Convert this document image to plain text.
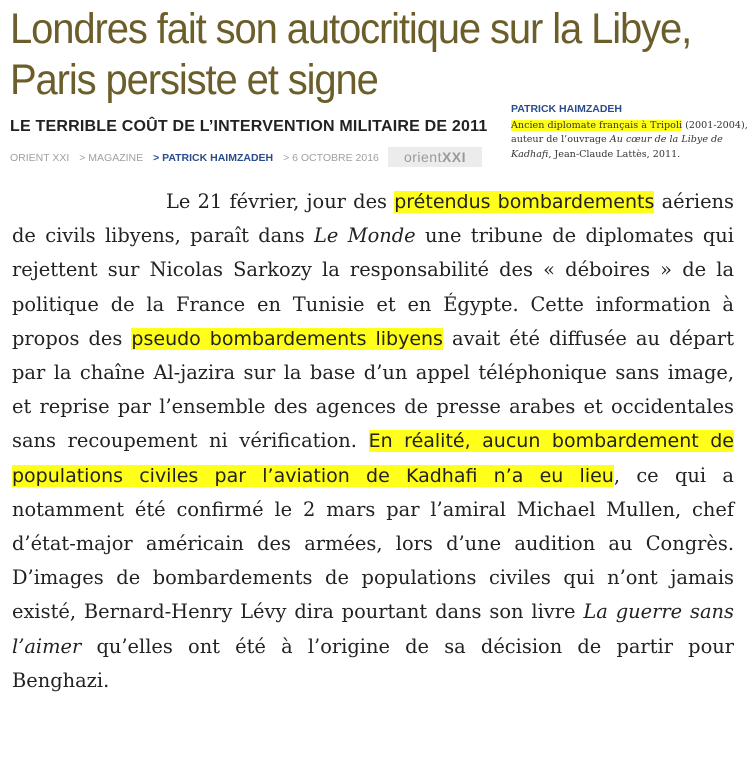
Londres fait son autocritique sur la Libye, Paris persiste et signe
LE TERRIBLE COÛT DE L’INTERVENTION MILITAIRE DE 2011
ORIENT XXI > MAGAZINE > PATRICK HAIMZADEH > 6 OCTOBRE 2016	orientXXI
PATRICK HAIMZADEH
Ancien diplomate français à Tripoli (2001-2004), auteur de l’ouvrage Au cœur de la Libye de Kadhafi, Jean-Claude Lattès, 2011.

Le 21 février, jour des prétendus bombardements aériens de civils libyens, paraît dans Le Monde une tribune de diplomates qui rejettent sur Nicolas Sarkozy la responsabilité des « déboires » de la politique de la France en Tunisie et en Égypte. Cette information à propos des pseudo bombardements libyens avait été diffusée au départ par la chaîne Al-jazira sur la base d’un appel téléphonique sans image, et reprise par l’ensemble des agences de presse arabes et occidentales sans recoupement ni vérification. En réalité, aucun bombardement de populations civiles par l’aviation de Kadhafi n’a eu lieu, ce qui a notamment été confirmé le 2 mars par l’amiral Michael Mullen, chef d’état-major américain des armées, lors d’une audition au Congrès. D’images de bombardements de populations civiles qui n’ont jamais existé, Bernard-Henry Lévy dira pourtant dans son livre La guerre sans l’aimer qu’elles ont été à l’origine de sa décision de partir pour Benghazi.
